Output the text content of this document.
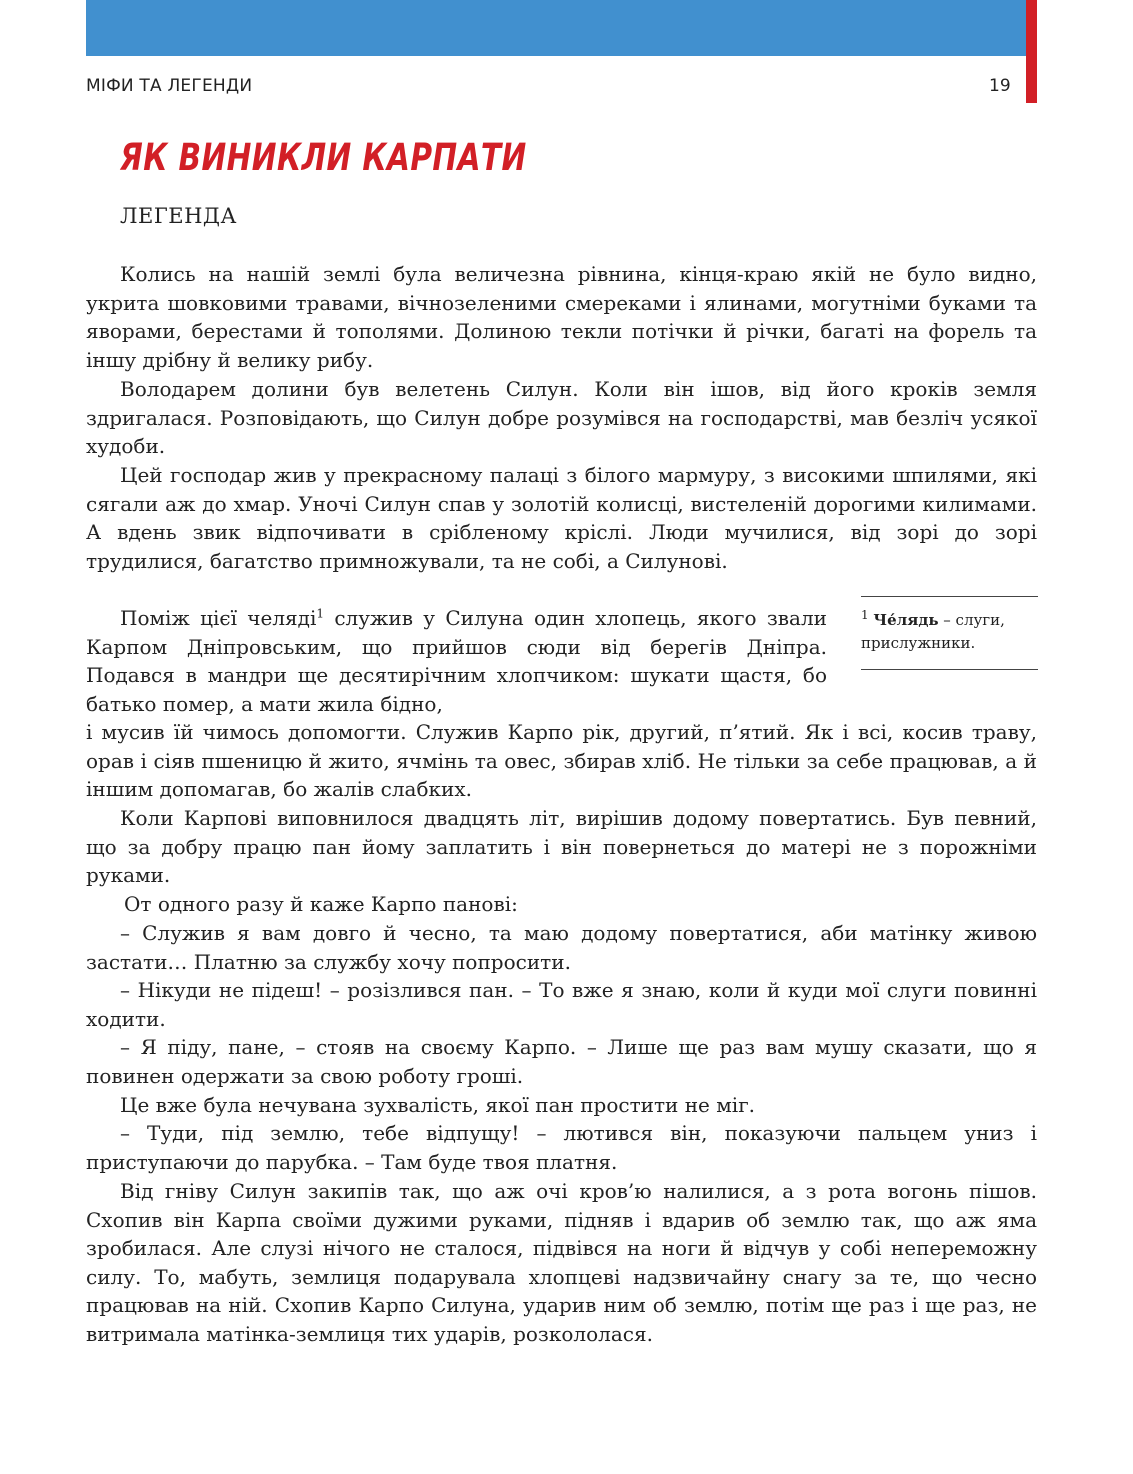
МІФИ ТА ЛЕГЕНДИ	19
ЯК ВИНИКЛИ КАРПАТИ
ЛЕГЕНДА

Колись на нашій землі була величезна рівнина, кінця-краю якій не було видно, укрита шовковими травами, вічнозеленими смереками і ялинами, могутніми буками та яворами, берестами й тополями. Долиною текли потічки й річки, багаті на форель та іншу дрібну й велику рибу.

Володарем долини був велетень Силун. Коли він ішов, від його кроків земля здригалася. Розповідають, що Силун добре розумівся на господарстві, мав безліч усякої худоби.

Цей господар жив у прекрасному палаці з білого мармуру, з високими шпилями, які сягали аж до хмар. Уночі Силун спав у золотій колисці, вистеленій дорогими килимами. А вдень звик відпочивати в срібленому кріслі. Люди мучилися, від зорі до зорі трудилися, багатство примножували, та не собі, а Силунові.

Поміж цієї челяді$^1$ служив у Силуна один хлопець, якого звали Карпом Дніпровським, що прийшов сюди від берегів Дніпра. Подався в мандри ще десятирічним хлопчиком: шукати щастя, бо батько помер, а мати жила бідно,

і мусив їй чимось допомогти. Служив Карпо рік, другий, п’ятий. Як і всі, косив траву, орав і сіяв пшеницю й жито, ячмінь та овес, збирав хліб. Не тільки за себе працював, а й іншим допомагав, бо жалів слабких.

$^1$ Че́лядь – слуги, прислужники.

Коли Карпові виповнилося двадцять літ, вирішив додому повертатись. Був певний, що за добру працю пан йому заплатить і він повернеться до матері не з порожніми руками.

От одного разу й каже Карпо панові:

– Служив я вам довго й чесно, та маю додому повертатися, аби матінку живою застати… Платню за службу хочу попросити.

– Нікуди не підеш! – розізлився пан. – То вже я знаю, коли й куди мої слуги повинні ходити.

– Я піду, пане, – стояв на своєму Карпо. – Лише ще раз вам мушу сказати, що я повинен одержати за свою роботу гроші.

Це вже була нечувана зухвалість, якої пан простити не міг.

– Туди, під землю, тебе відпущу! – лютився він, показуючи пальцем униз і приступаючи до парубка. – Там буде твоя платня.

Від гніву Силун закипів так, що аж очі кров’ю налилися, а з рота вогонь пішов. Схопив він Карпа своїми дужими руками, підняв і вдарив об землю так, що аж яма зробилася. Але слузі нічого не сталося, підвівся на ноги й відчув у собі непереможну силу. То, мабуть, землиця подарувала хлопцеві надзвичайну снагу за те, що чесно працював на ній. Схопив Карпо Силуна, ударив ним об землю, потім ще раз і ще раз, не витримала матінка-землиця тих ударів, розкололася.
